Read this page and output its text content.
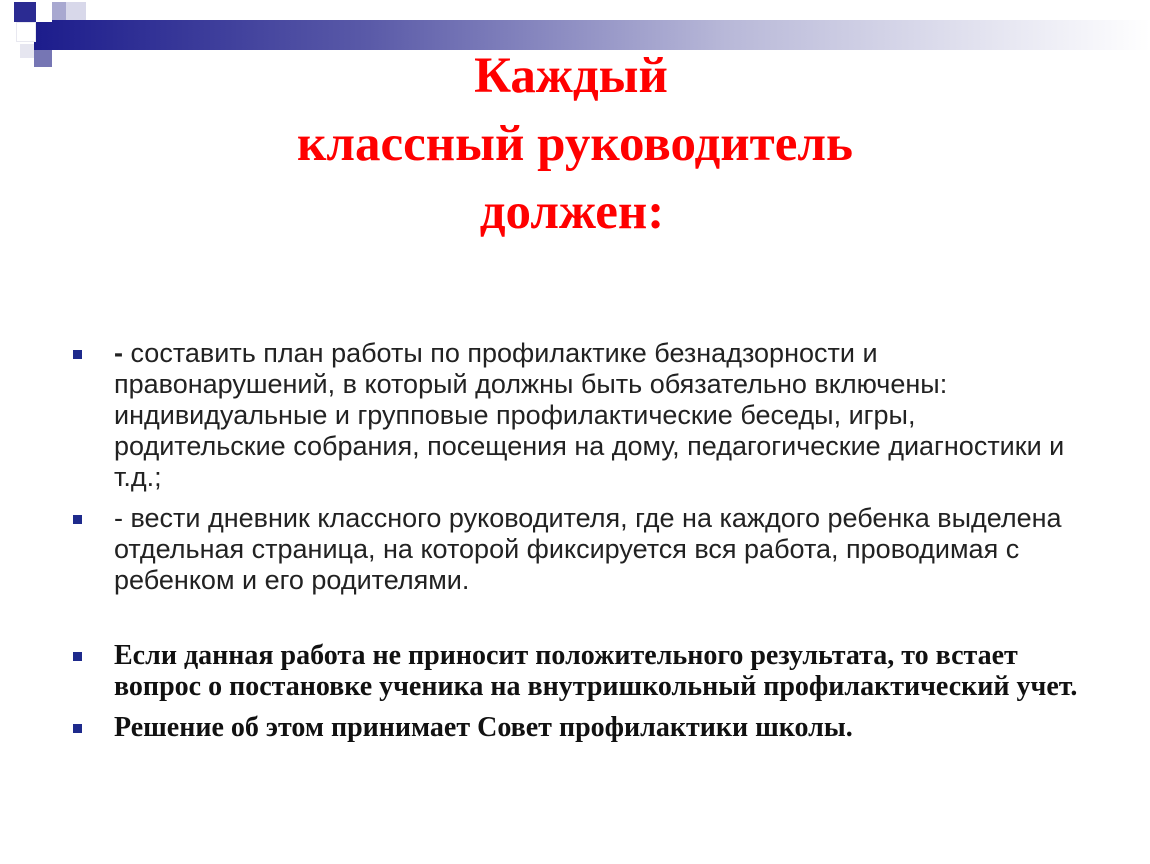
Каждый
классный руководитель
должен:
- составить план работы по профилактике безнадзорности и правонарушений, в который должны быть обязательно включены: индивидуальные и групповые профилактические беседы, игры, родительские собрания, посещения на дому, педагогические диагностики и т.д.;
- вести дневник классного руководителя, где на каждого ребенка выделена отдельная страница, на которой фиксируется вся работа, проводимая с ребенком и его родителями.
Если данная работа не приносит положительного результата, то встает вопрос о постановке ученика на внутришкольный профилактический учет.
Решение об этом принимает Совет профилактики школы.
